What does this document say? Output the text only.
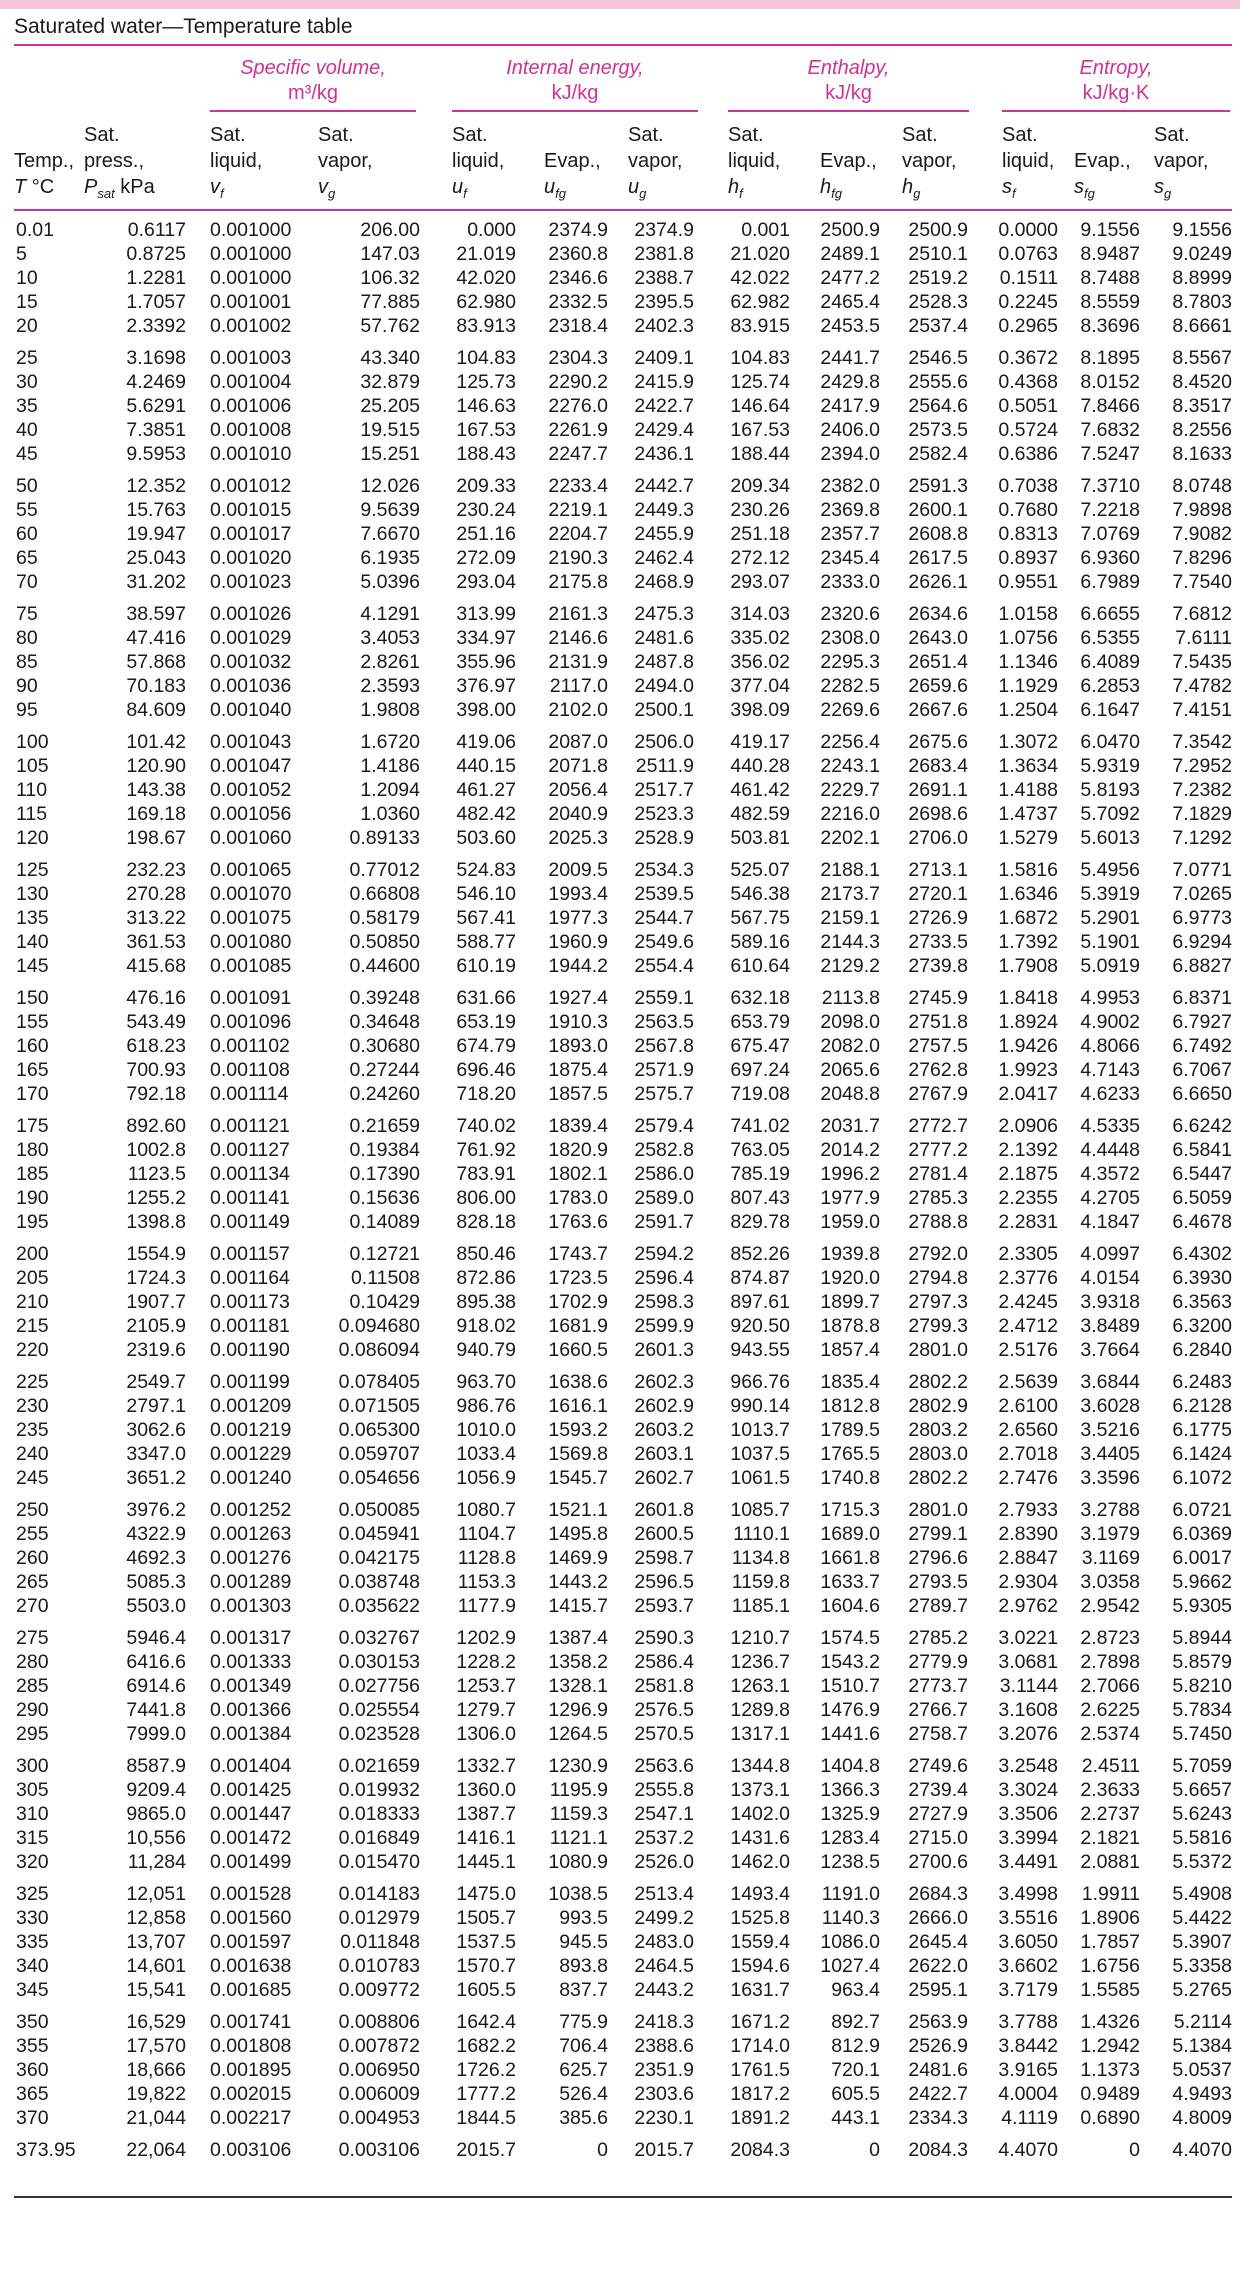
Saturated water—Temperature table
Specific volume,
m³/kg
Internal energy,
kJ/kg
Enthalpy,
kJ/kg
Entropy,
kJ/kg·K

Temp.,
T °C
Sat.
press.,
$P_{sat}$ kPa
Sat.
liquid,
$v_f$
Sat.
vapor,
$v_g$
Sat.
liquid,
$u_f$

Evap.,
$u_{fg}$
Sat.
vapor,
$u_g$
Sat.
liquid,
$h_f$

Evap.,
$h_{fg}$
Sat.
vapor,
$h_g$
Sat.
liquid,
$s_f$

Evap.,
$s_{fg}$
Sat.
vapor,
$s_g$
0.01	0.6117 0.001000	206.00 0.000 2374.9 2374.9 0.001 2500.9 2500.9 0.0000 9.1556 9.1556
5	0.8725 0.001000	147.03 21.019 2360.8 2381.8 21.020 2489.1 2510.1 0.0763 8.9487 9.0249
10	1.2281 0.001000	106.32 42.020 2346.6 2388.7 42.022 2477.2 2519.2 0.1511 8.7488 8.8999
15	1.7057 0.001001	77.885 62.980 2332.5 2395.5 62.982 2465.4 2528.3 0.2245 8.5559 8.7803
20	2.3392 0.001002	57.762 83.913 2318.4 2402.3 83.915 2453.5 2537.4 0.2965 8.3696 8.6661
25	3.1698 0.001003	43.340 104.83 2304.3 2409.1 104.83 2441.7 2546.5 0.3672 8.1895 8.5567
30	4.2469 0.001004	32.879 125.73 2290.2 2415.9 125.74 2429.8 2555.6 0.4368 8.0152 8.4520
35	5.6291 0.001006	25.205 146.63 2276.0 2422.7 146.64 2417.9 2564.6 0.5051 7.8466 8.3517
40	7.3851 0.001008	19.515 167.53 2261.9 2429.4 167.53 2406.0 2573.5 0.5724 7.6832 8.2556
45	9.5953 0.001010	15.251 188.43 2247.7 2436.1 188.44 2394.0 2582.4 0.6386 7.5247 8.1633
50	12.352 0.001012	12.026 209.33 2233.4 2442.7 209.34 2382.0 2591.3 0.7038 7.3710 8.0748
55	15.763 0.001015	9.5639 230.24 2219.1 2449.3 230.26 2369.8 2600.1 0.7680 7.2218 7.9898
60	19.947 0.001017	7.6670 251.16 2204.7 2455.9 251.18 2357.7 2608.8 0.8313 7.0769 7.9082
65	25.043 0.001020	6.1935 272.09 2190.3 2462.4 272.12 2345.4 2617.5 0.8937 6.9360 7.8296
70	31.202 0.001023	5.0396 293.04 2175.8 2468.9 293.07 2333.0 2626.1 0.9551 6.7989 7.7540
75	38.597 0.001026	4.1291 313.99 2161.3 2475.3 314.03 2320.6 2634.6 1.0158 6.6655 7.6812
80	47.416 0.001029	3.4053 334.97 2146.6 2481.6 335.02 2308.0 2643.0 1.0756 6.5355 7.6111
85	57.868 0.001032	2.8261 355.96 2131.9 2487.8 356.02 2295.3 2651.4 1.1346 6.4089 7.5435
90	70.183 0.001036	2.3593 376.97 2117.0 2494.0 377.04 2282.5 2659.6 1.1929 6.2853 7.4782
95	84.609 0.001040	1.9808 398.00 2102.0 2500.1 398.09 2269.6 2667.6 1.2504 6.1647 7.4151
100	101.42 0.001043	1.6720 419.06 2087.0 2506.0 419.17 2256.4 2675.6 1.3072 6.0470 7.3542
105	120.90 0.001047	1.4186 440.15 2071.8 2511.9 440.28 2243.1 2683.4 1.3634 5.9319 7.2952
110	143.38 0.001052	1.2094 461.27 2056.4 2517.7 461.42 2229.7 2691.1 1.4188 5.8193 7.2382
115	169.18 0.001056	1.0360 482.42 2040.9 2523.3 482.59 2216.0 2698.6 1.4737 5.7092 7.1829
120	198.67 0.001060	0.89133 503.60 2025.3 2528.9 503.81 2202.1 2706.0 1.5279 5.6013 7.1292
125	232.23 0.001065	0.77012 524.83 2009.5 2534.3 525.07 2188.1 2713.1 1.5816 5.4956 7.0771
130	270.28 0.001070	0.66808 546.10 1993.4 2539.5 546.38 2173.7 2720.1 1.6346 5.3919 7.0265
135	313.22 0.001075	0.58179 567.41 1977.3 2544.7 567.75 2159.1 2726.9 1.6872 5.2901 6.9773
140	361.53 0.001080	0.50850 588.77 1960.9 2549.6 589.16 2144.3 2733.5 1.7392 5.1901 6.9294
145	415.68 0.001085	0.44600 610.19 1944.2 2554.4 610.64 2129.2 2739.8 1.7908 5.0919 6.8827
150	476.16 0.001091	0.39248 631.66 1927.4 2559.1 632.18 2113.8 2745.9 1.8418 4.9953 6.8371
155	543.49 0.001096	0.34648 653.19 1910.3 2563.5 653.79 2098.0 2751.8 1.8924 4.9002 6.7927
160	618.23 0.001102	0.30680 674.79 1893.0 2567.8 675.47 2082.0 2757.5 1.9426 4.8066 6.7492
165	700.93 0.001108	0.27244 696.46 1875.4 2571.9 697.24 2065.6 2762.8 1.9923 4.7143 6.7067
170	792.18 0.001114	0.24260 718.20 1857.5 2575.7 719.08 2048.8 2767.9 2.0417 4.6233 6.6650
175	892.60 0.001121	0.21659 740.02 1839.4 2579.4 741.02 2031.7 2772.7 2.0906 4.5335 6.6242
180	1002.8 0.001127	0.19384 761.92 1820.9 2582.8 763.05 2014.2 2777.2 2.1392 4.4448 6.5841
185	1123.5 0.001134	0.17390 783.91 1802.1 2586.0 785.19 1996.2 2781.4 2.1875 4.3572 6.5447
190	1255.2 0.001141	0.15636 806.00 1783.0 2589.0 807.43 1977.9 2785.3 2.2355 4.2705 6.5059
195	1398.8 0.001149	0.14089 828.18 1763.6 2591.7 829.78 1959.0 2788.8 2.2831 4.1847 6.4678
200	1554.9 0.001157	0.12721 850.46 1743.7 2594.2 852.26 1939.8 2792.0 2.3305 4.0997 6.4302
205	1724.3 0.001164	0.11508 872.86 1723.5 2596.4 874.87 1920.0 2794.8 2.3776 4.0154 6.3930
210	1907.7 0.001173	0.10429 895.38 1702.9 2598.3 897.61 1899.7 2797.3 2.4245 3.9318 6.3563
215	2105.9 0.001181	0.094680 918.02 1681.9 2599.9 920.50 1878.8 2799.3 2.4712 3.8489 6.3200
220	2319.6 0.001190	0.086094 940.79 1660.5 2601.3 943.55 1857.4 2801.0 2.5176 3.7664 6.2840
225	2549.7 0.001199	0.078405 963.70 1638.6 2602.3 966.76 1835.4 2802.2 2.5639 3.6844 6.2483
230	2797.1 0.001209 0.071505 986.76 1616.1 2602.9 990.14 1812.8 2802.9 2.6100 3.6028 6.2128
235	3062.6 0.001219 0.065300 1010.0 1593.2 2603.2 1013.7 1789.5 2803.2 2.6560 3.5216 6.1775
240	3347.0 0.001229 0.059707 1033.4 1569.8 2603.1 1037.5 1765.5 2803.0 2.7018 3.4405 6.1424
245	3651.2 0.001240 0.054656 1056.9 1545.7 2602.7 1061.5 1740.8 2802.2 2.7476 3.3596 6.1072
250	3976.2 0.001252 0.050085 1080.7 1521.1 2601.8 1085.7 1715.3 2801.0 2.7933 3.2788 6.0721
255	4322.9 0.001263 0.045941 1104.7 1495.8 2600.5 1110.1 1689.0 2799.1 2.8390 3.1979 6.0369
260	4692.3 0.001276 0.042175 1128.8 1469.9 2598.7 1134.8 1661.8 2796.6 2.8847 3.1169 6.0017
265	5085.3 0.001289 0.038748 1153.3 1443.2 2596.5 1159.8 1633.7 2793.5 2.9304 3.0358 5.9662
270	5503.0 0.001303 0.035622 1177.9 1415.7 2593.7 1185.1 1604.6 2789.7 2.9762 2.9542 5.9305
275	5946.4 0.001317 0.032767 1202.9 1387.4 2590.3 1210.7 1574.5 2785.2 3.0221 2.8723 5.8944
280	6416.6 0.001333 0.030153 1228.2 1358.2 2586.4 1236.7 1543.2 2779.9 3.0681 2.7898 5.8579
285	6914.6 0.001349 0.027756 1253.7 1328.1 2581.8 1263.1 1510.7 2773.7 3.1144 2.7066 5.8210
290	7441.8 0.001366 0.025554 1279.7 1296.9 2576.5 1289.8 1476.9 2766.7 3.1608 2.6225 5.7834
295	7999.0 0.001384 0.023528 1306.0 1264.5 2570.5 1317.1 1441.6 2758.7 3.2076 2.5374 5.7450
300	8587.9 0.001404 0.021659 1332.7 1230.9 2563.6 1344.8 1404.8 2749.6 3.2548 2.4511 5.7059
305	9209.4 0.001425 0.019932 1360.0 1195.9 2555.8 1373.1 1366.3 2739.4 3.3024 2.3633 5.6657
310	9865.0 0.001447 0.018333 1387.7 1159.3 2547.1 1402.0 1325.9 2727.9 3.3506 2.2737 5.6243
315	10,556 0.001472 0.016849 1416.1 1121.1 2537.2 1431.6 1283.4 2715.0 3.3994 2.1821 5.5816
320	11,284 0.001499 0.015470 1445.1 1080.9 2526.0 1462.0 1238.5 2700.6 3.4491 2.0881 5.5372
325	12,051 0.001528 0.014183 1475.0 1038.5 2513.4 1493.4 1191.0 2684.3 3.4998 1.9911 5.4908
330	12,858 0.001560 0.012979 1505.7 993.5 2499.2 1525.8 1140.3 2666.0 3.5516 1.8906 5.4422
335	13,707 0.001597	0.011848 1537.5 945.5 2483.0 1559.4 1086.0 2645.4 3.6050 1.7857 5.3907
340	14,601 0.001638 0.010783 1570.7 893.8 2464.5 1594.6 1027.4 2622.0 3.6602 1.6756 5.3358
345	15,541 0.001685 0.009772 1605.5 837.7 2443.2 1631.7 963.4 2595.1 3.7179 1.5585 5.2765
350	16,529 0.001741 0.008806 1642.4 775.9 2418.3 1671.2 892.7 2563.9 3.7788 1.4326 5.2114
355	17,570 0.001808 0.007872 1682.2 706.4 2388.6 1714.0 812.9 2526.9 3.8442 1.2942 5.1384
360	18,666 0.001895 0.006950 1726.2 625.7 2351.9 1761.5 720.1 2481.6 3.9165 1.1373 5.0537
365	19,822 0.002015 0.006009 1777.2 526.4 2303.6 1817.2 605.5 2422.7 4.0004 0.9489 4.9493
370	21,044 0.002217 0.004953 1844.5 385.6 2230.1 1891.2 443.1 2334.3 4.1119 0.6890 4.8009
373.95	22,064 0.003106 0.003106 2015.7	0 2015.7 2084.3	0 2084.3 4.4070	0 4.4070
